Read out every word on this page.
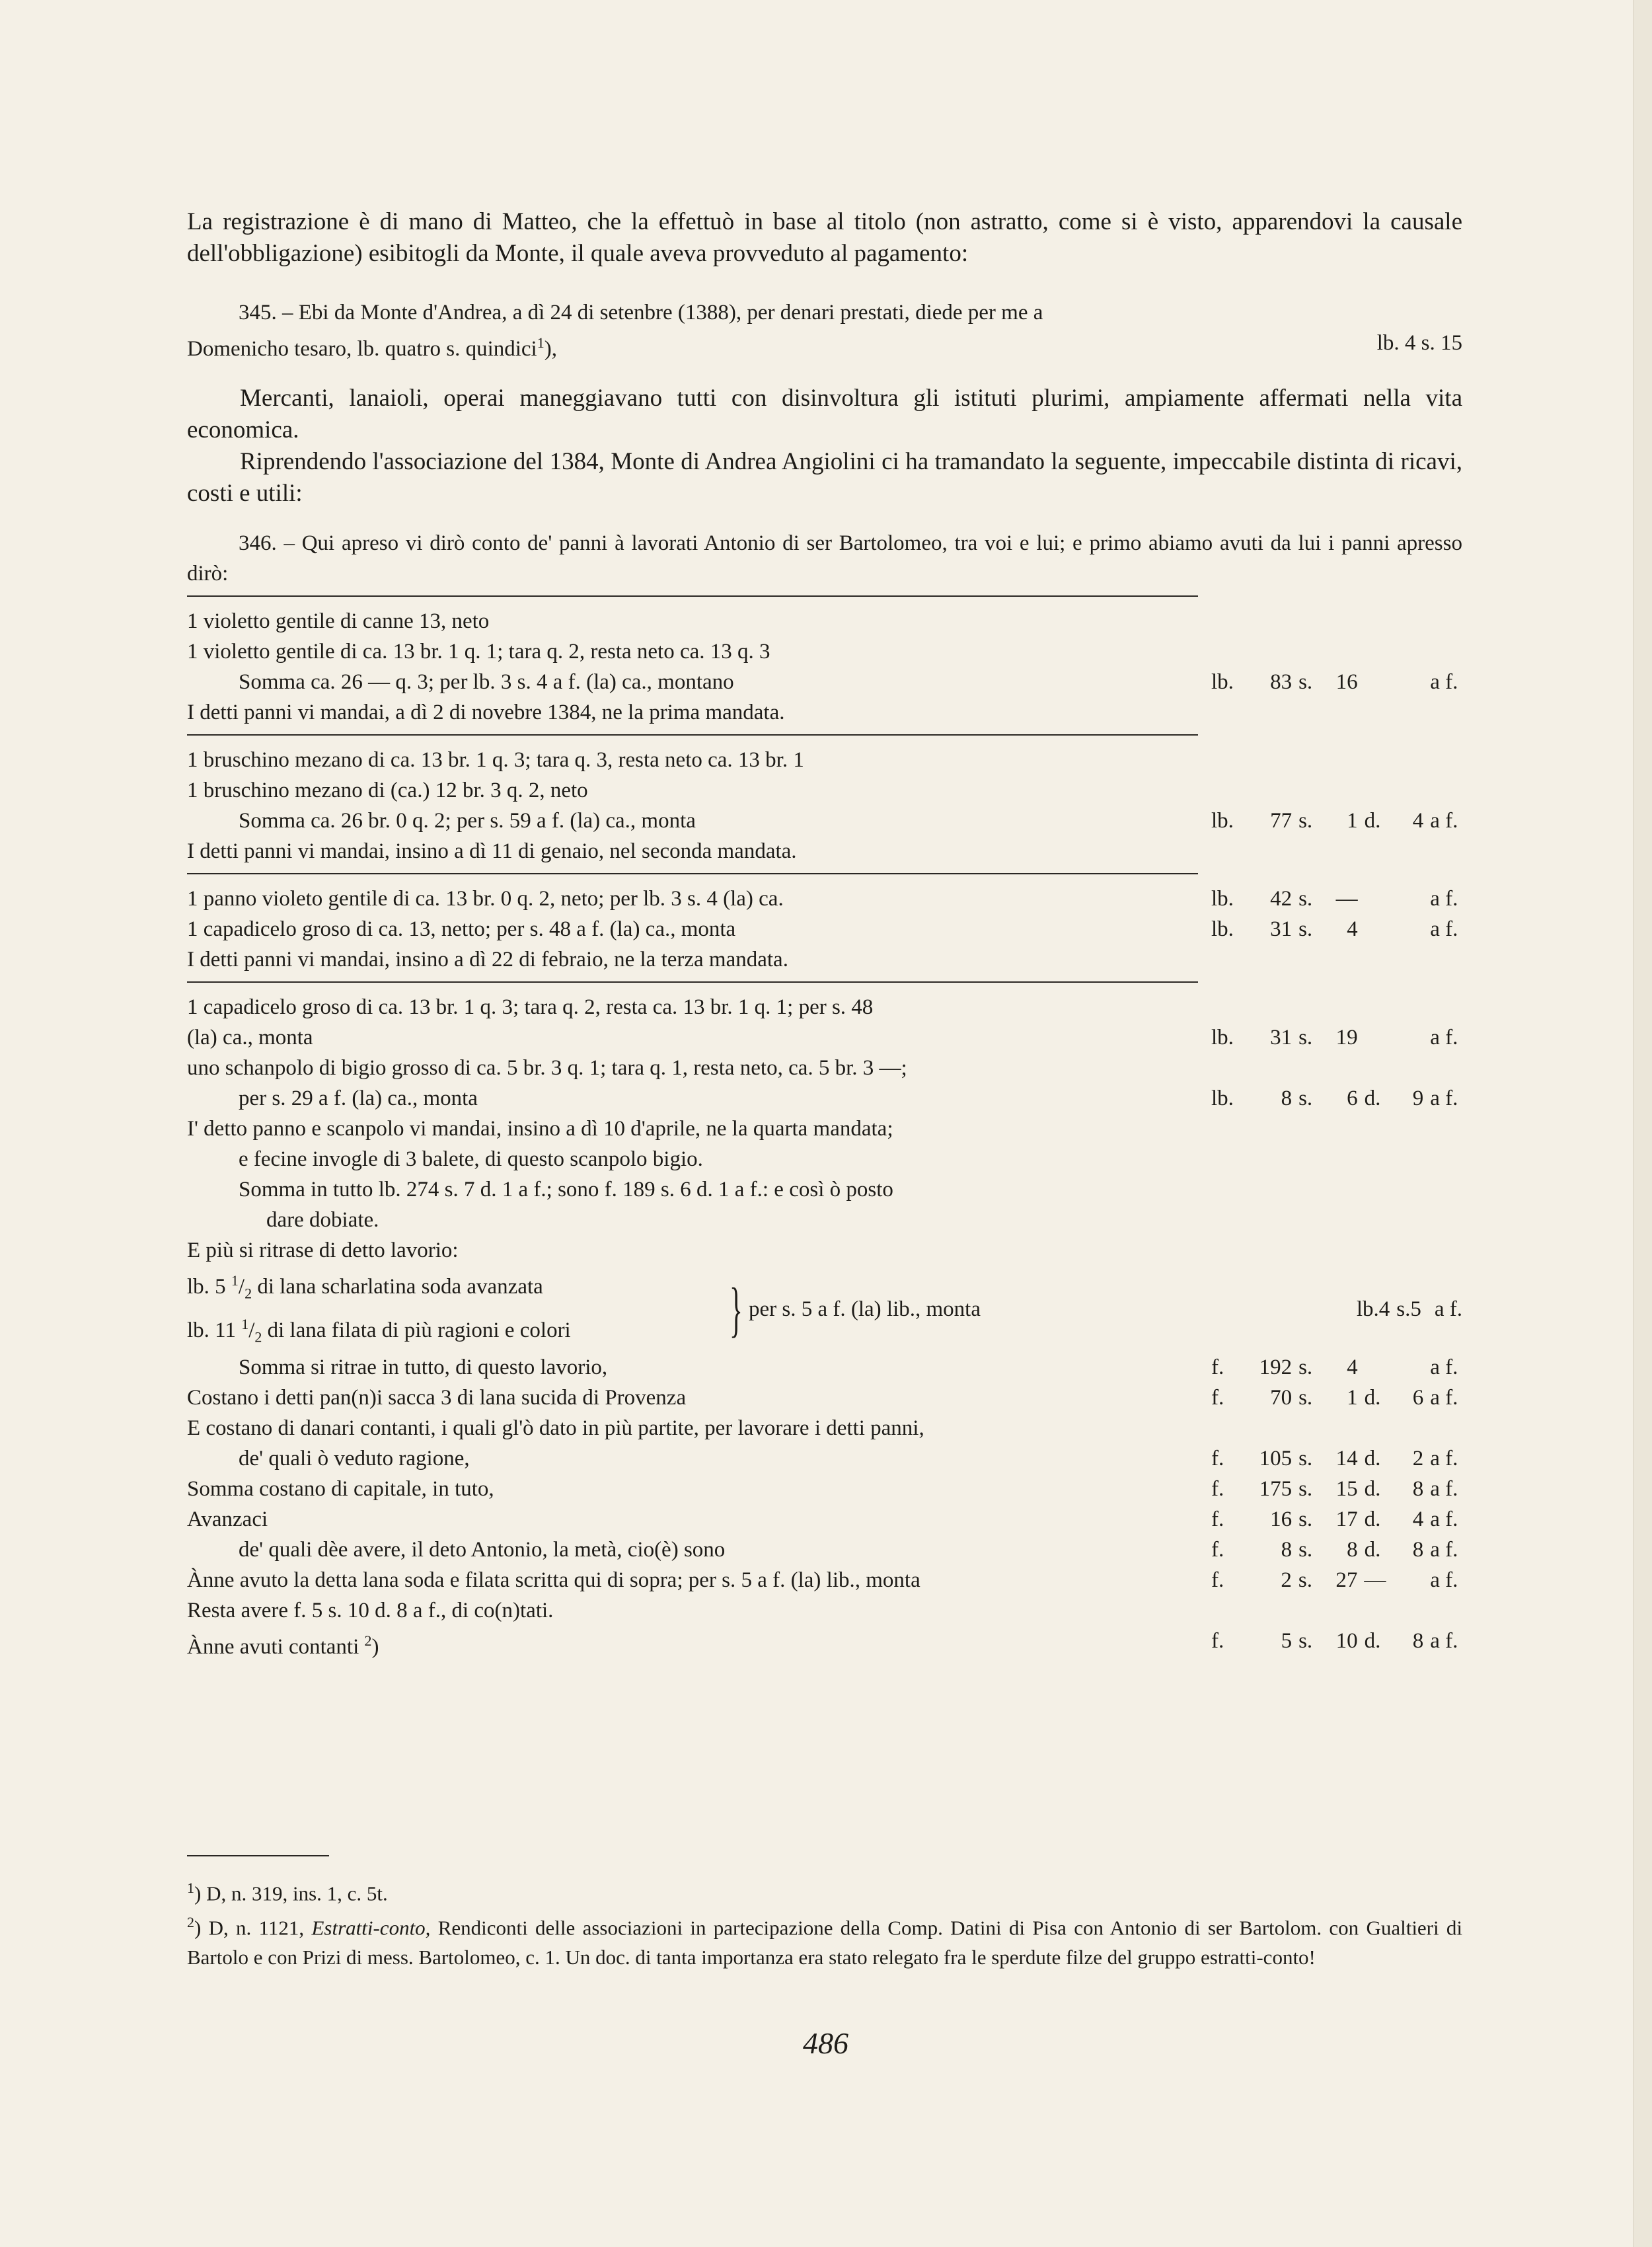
La registrazione è di mano di Matteo, che la effettuò in base al titolo (non astratto, come si è visto, apparendovi la causale dell'obbligazione) esibitogli da Monte, il quale aveva provveduto al pagamento:

345. – Ebi da Monte d'Andrea, a dì 24 di setenbre (1388), per denari prestati, diede per me a
Domenicho tesaro, lb. quatro s. quindici$^1$),	lb. 4 s. 15

Mercanti, lanaioli, operai maneggiavano tutti con disinvoltura gli istituti plurimi, ampiamente affermati nella vita economica.

Riprendendo l'associazione del 1384, Monte di Andrea Angiolini ci ha tramandato la seguente, impeccabile distinta di ricavi, costi e utili:

346. – Qui apreso vi dirò conto de' panni à lavorati Antonio di ser Bartolomeo, tra voi e lui; e primo abiamo avuti da lui i panni apresso dirò:

1 violetto gentile di canne 13, neto
1 violetto gentile di ca. 13 br. 1 q. 1; tara q. 2, resta neto ca. 13 q. 3
Somma ca. 26 — q. 3; per lb. 3 s. 4 a f. (la) ca., montano	lb.	83 s.	16	a f.
I detti panni vi mandai, a dì 2 di novebre 1384, ne la prima mandata.
1 bruschino mezano di ca. 13 br. 1 q. 3; tara q. 3, resta neto ca. 13 br. 1
1 bruschino mezano di (ca.) 12 br. 3 q. 2, neto
Somma ca. 26 br. 0 q. 2; per s. 59 a f. (la) ca., monta	lb.	77 s.	1 d.	4 a f.
I detti panni vi mandai, insino a dì 11 di genaio, nel seconda mandata.
1 panno violeto gentile di ca. 13 br. 0 q. 2, neto; per lb. 3 s. 4 (la) ca.	lb.	42 s.	—	a f.
1 capadicelo groso di ca. 13, netto; per s. 48 a f. (la) ca., monta	lb.	31 s.	4	a f.
I detti panni vi mandai, insino a dì 22 di febraio, ne la terza mandata.
1 capadicelo groso di ca. 13 br. 1 q. 3; tara q. 2, resta ca. 13 br. 1 q. 1; per s. 48
(la) ca., monta	lb.	31 s.	19	a f.
uno schanpolo di bigio grosso di ca. 5 br. 3 q. 1; tara q. 1, resta neto, ca. 5 br. 3 —;
per s. 29 a f. (la) ca., monta	lb.	8 s.	6 d.	9 a f.
I' detto panno e scanpolo vi mandai, insino a dì 10 d'aprile, ne la quarta mandata;
e fecine invogle di 3 balete, di questo scanpolo bigio.
Somma in tutto lb. 274 s. 7 d. 1 a f.; sono f. 189 s. 6 d. 1 a f.: e così ò posto
dare dobiate.
E più si ritrase di detto lavorio:
lb. 5 $^1/_2$ di lana scharlatina soda avanzata
lb. 11 $^1/_2$ di lana filata di più ragioni e colori	} per s. 5 a f. (la) lib., monta	lb.4 s.5 a f.
Somma si ritrae in tutto, di questo lavorio,	f.	192 s.	4	a f.
Costano i detti pan(n)i sacca 3 di lana sucida di Provenza	f.	70 s.	1 d.	6 a f.
E costano di danari contanti, i quali gl'ò dato in più partite, per lavorare i detti panni,
de' quali ò veduto ragione,	f.	105 s.	14 d.	2 a f.
Somma costano di capitale, in tuto,	f.	175 s.	15 d.	8 a f.
Avanzaci	f.	16 s.	17 d.	4 a f.
de' quali dèe avere, il deto Antonio, la metà, cio(è) sono	f.	8 s.	8 d.	8 a f.
Ànne avuto la detta lana soda e filata scritta qui di sopra; per s. 5 a f. (la) lib., monta	f.	2 s.	27 —	a f.
Resta avere f. 5 s. 10 d. 8 a f., di co(n)tati.
Ànne avuti contanti $^2$)	f.	5 s.	10 d.	8 a f.

$^1$) D, n. 319, ins. 1, c. 5t.

$^2$) D, n. 1121, Estratti-conto, Rendiconti delle associazioni in partecipazione della Comp. Datini di Pisa con Antonio di ser Bartolom. con Gualtieri di Bartolo e con Prizi di mess. Bartolomeo, c. 1. Un doc. di tanta importanza era stato relegato fra le sperdute filze del gruppo estratti-conto!

486
